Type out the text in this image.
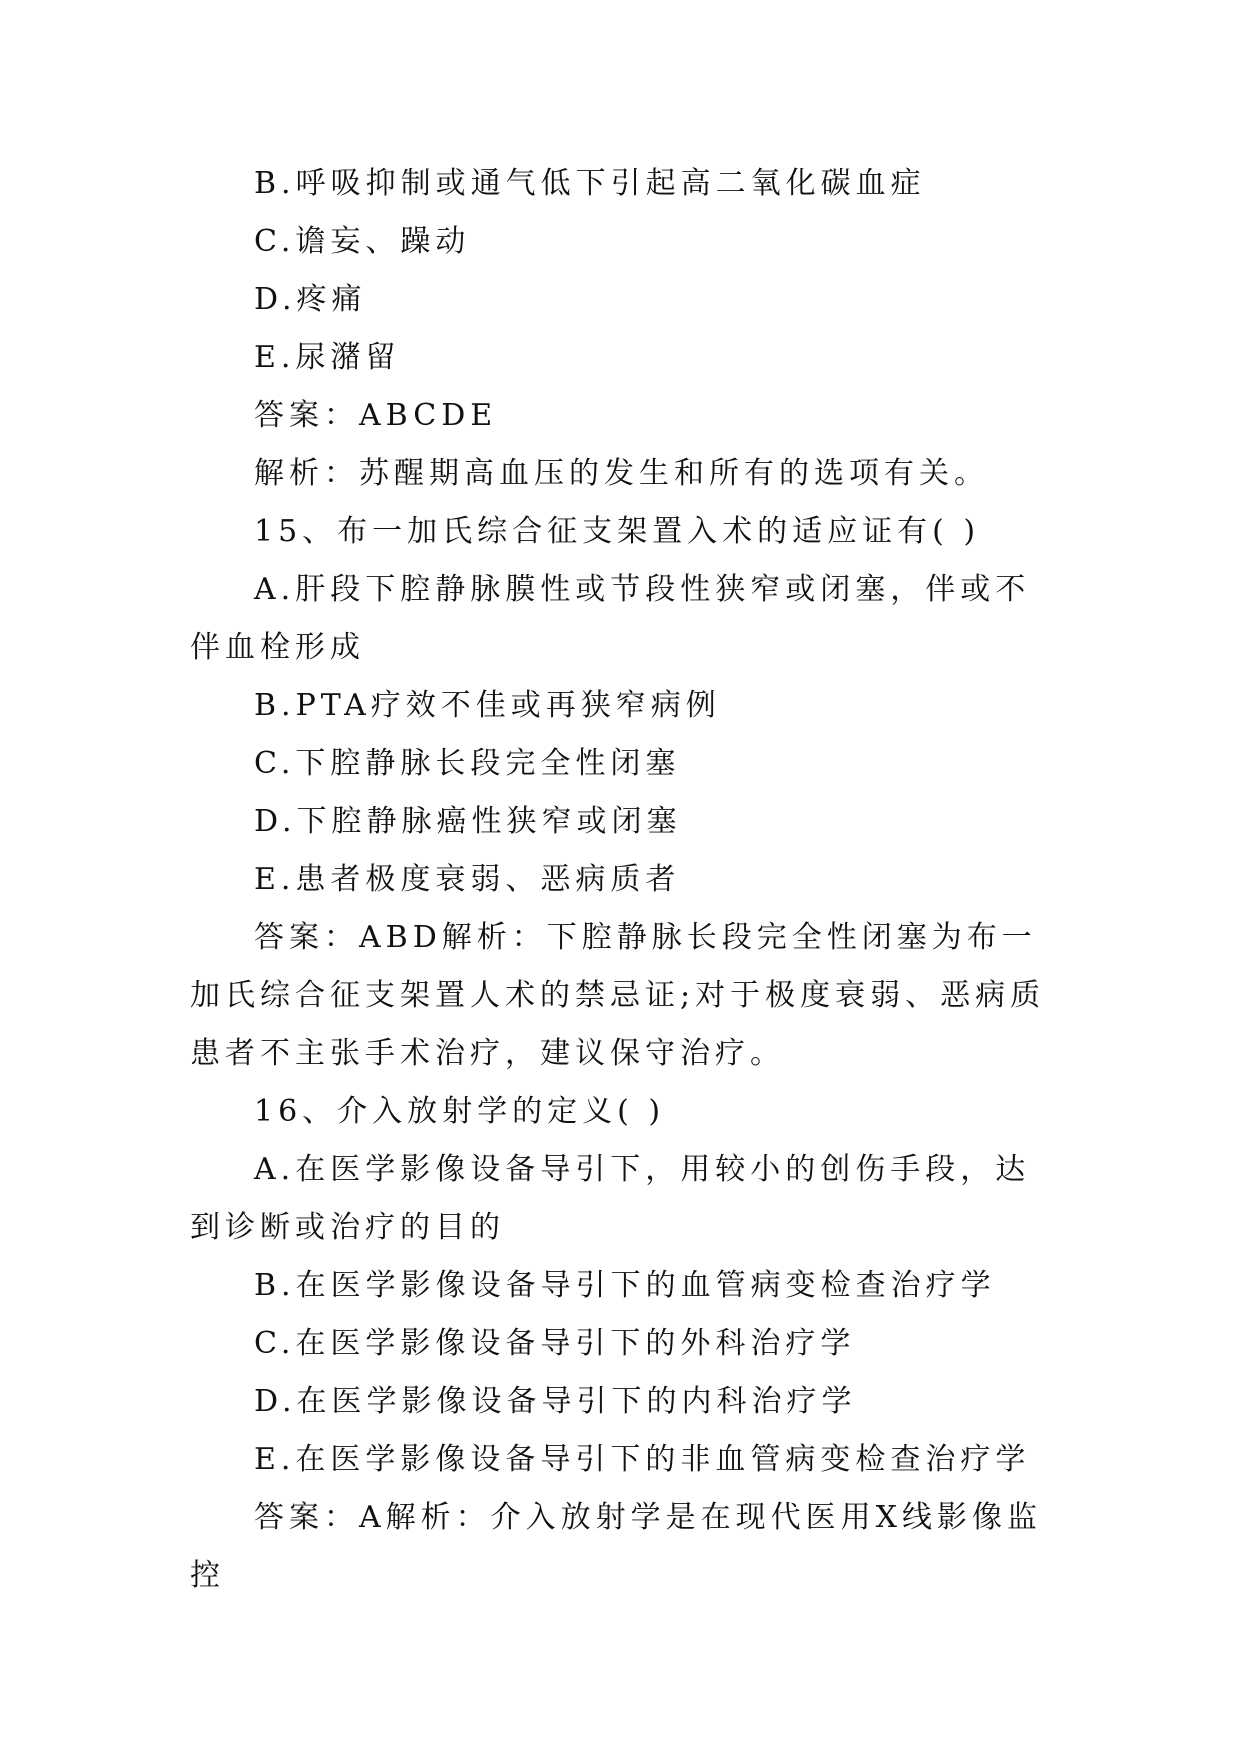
B.呼吸抑制或通气低下引起高二氧化碳血症

C.谵妄、躁动

D.疼痛

E.尿潴留

答案：ABCDE

解析：苏醒期高血压的发生和所有的选项有关。

15、布一加氏综合征支架置入术的适应证有( )

A.肝段下腔静脉膜性或节段性狭窄或闭塞，伴或不伴血栓形成

B.PTA疗效不佳或再狭窄病例

C.下腔静脉长段完全性闭塞

D.下腔静脉癌性狭窄或闭塞

E.患者极度衰弱、恶病质者

答案：ABD解析：下腔静脉长段完全性闭塞为布一加氏综合征支架置人术的禁忌证;对于极度衰弱、恶病质患者不主张手术治疗，建议保守治疗。

16、介入放射学的定义( )

A.在医学影像设备导引下，用较小的创伤手段，达到诊断或治疗的目的

B.在医学影像设备导引下的血管病变检查治疗学

C.在医学影像设备导引下的外科治疗学

D.在医学影像设备导引下的内科治疗学

E.在医学影像设备导引下的非血管病变检查治疗学

答案：A解析：介入放射学是在现代医用X线影像监控
